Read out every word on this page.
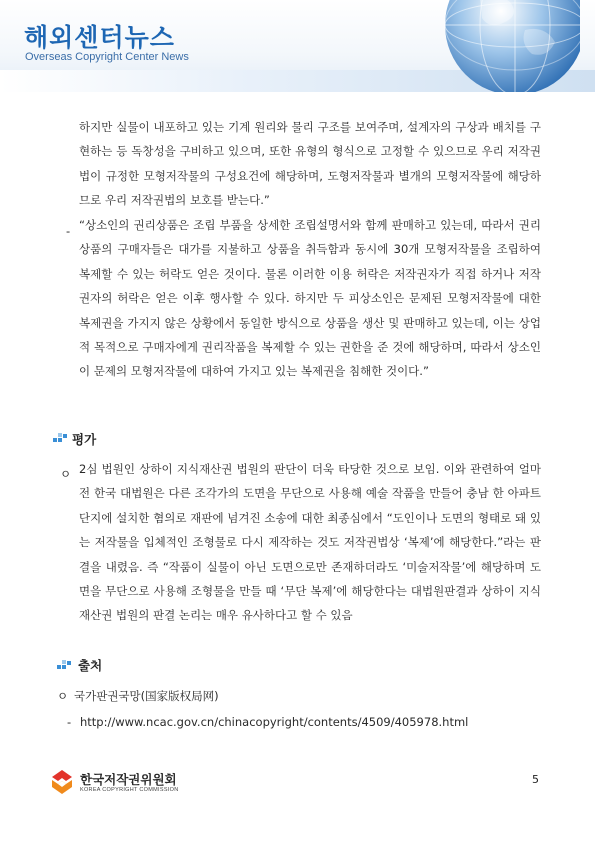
해외센터뉴스
Overseas Copyright Center News

하지만 실물이 내포하고 있는 기계 원리와 물리 구조를 보여주며, 설계자의 구상과 배치를 구현하는 등 독창성을 구비하고 있으며, 또한 유형의 형식으로 고정할 수 있으므로 우리 저작권법이 규정한 모형저작물의 구성요건에 해당하며, 도형저작물과 별개의 모형저작물에 해당하므로 우리 저작권법의 보호를 받는다.”

- “상소인의 권리상품은 조립 부품을 상세한 조립설명서와 함께 판매하고 있는데, 따라서 권리상품의 구매자들은 대가를 지불하고 상품을 취득함과 동시에 30개 모형저작물을 조립하여 복제할 수 있는 허락도 얻은 것이다. 물론 이러한 이용 허락은 저작권자가 직접 하거나 저작권자의 허락은 얻은 이후 행사할 수 있다. 하지만 두 피상소인은 문제된 모형저작물에 대한 복제권을 가지지 않은 상황에서 동일한 방식으로 상품을 생산 및 판매하고 있는데, 이는 상업적 목적으로 구매자에게 권리작품을 복제할 수 있는 권한을 준 것에 해당하며, 따라서 상소인이 문제의 모형저작물에 대하여 가지고 있는 복제권을 침해한 것이다.”

평가
ㅇ 2심 법원인 상하이 지식재산권 법원의 판단이 더욱 타당한 것으로 보임. 이와 관련하여 얼마 전 한국 대법원은 다른 조각가의 도면을 무단으로 사용해 예술 작품을 만들어 충남 한 아파트 단지에 설치한 혐의로 재판에 넘겨진 소송에 대한 최종심에서 “도인이나 도면의 형태로 돼 있는 저작물을 입체적인 조형물로 다시 제작하는 것도 저작권법상 ‘복제’에 해당한다.”라는 판결을 내렸음. 즉 “작품이 실물이 아닌 도면으로만 존재하더라도 ‘미술저작물’에 해당하며 도면을 무단으로 사용해 조형물을 만들 때 ‘무단 복제’에 해당한다는 대법원판결과 상하이 지식재산권 법원의 판결 논리는 매우 유사하다고 할 수 있음

출처
ㅇ 국가판권국망(国家版权局网)
- http://www.ncac.gov.cn/chinacopyright/contents/4509/405978.html
한국저작권위원회
KOREA COPYRIGHT COMMISSION
5
